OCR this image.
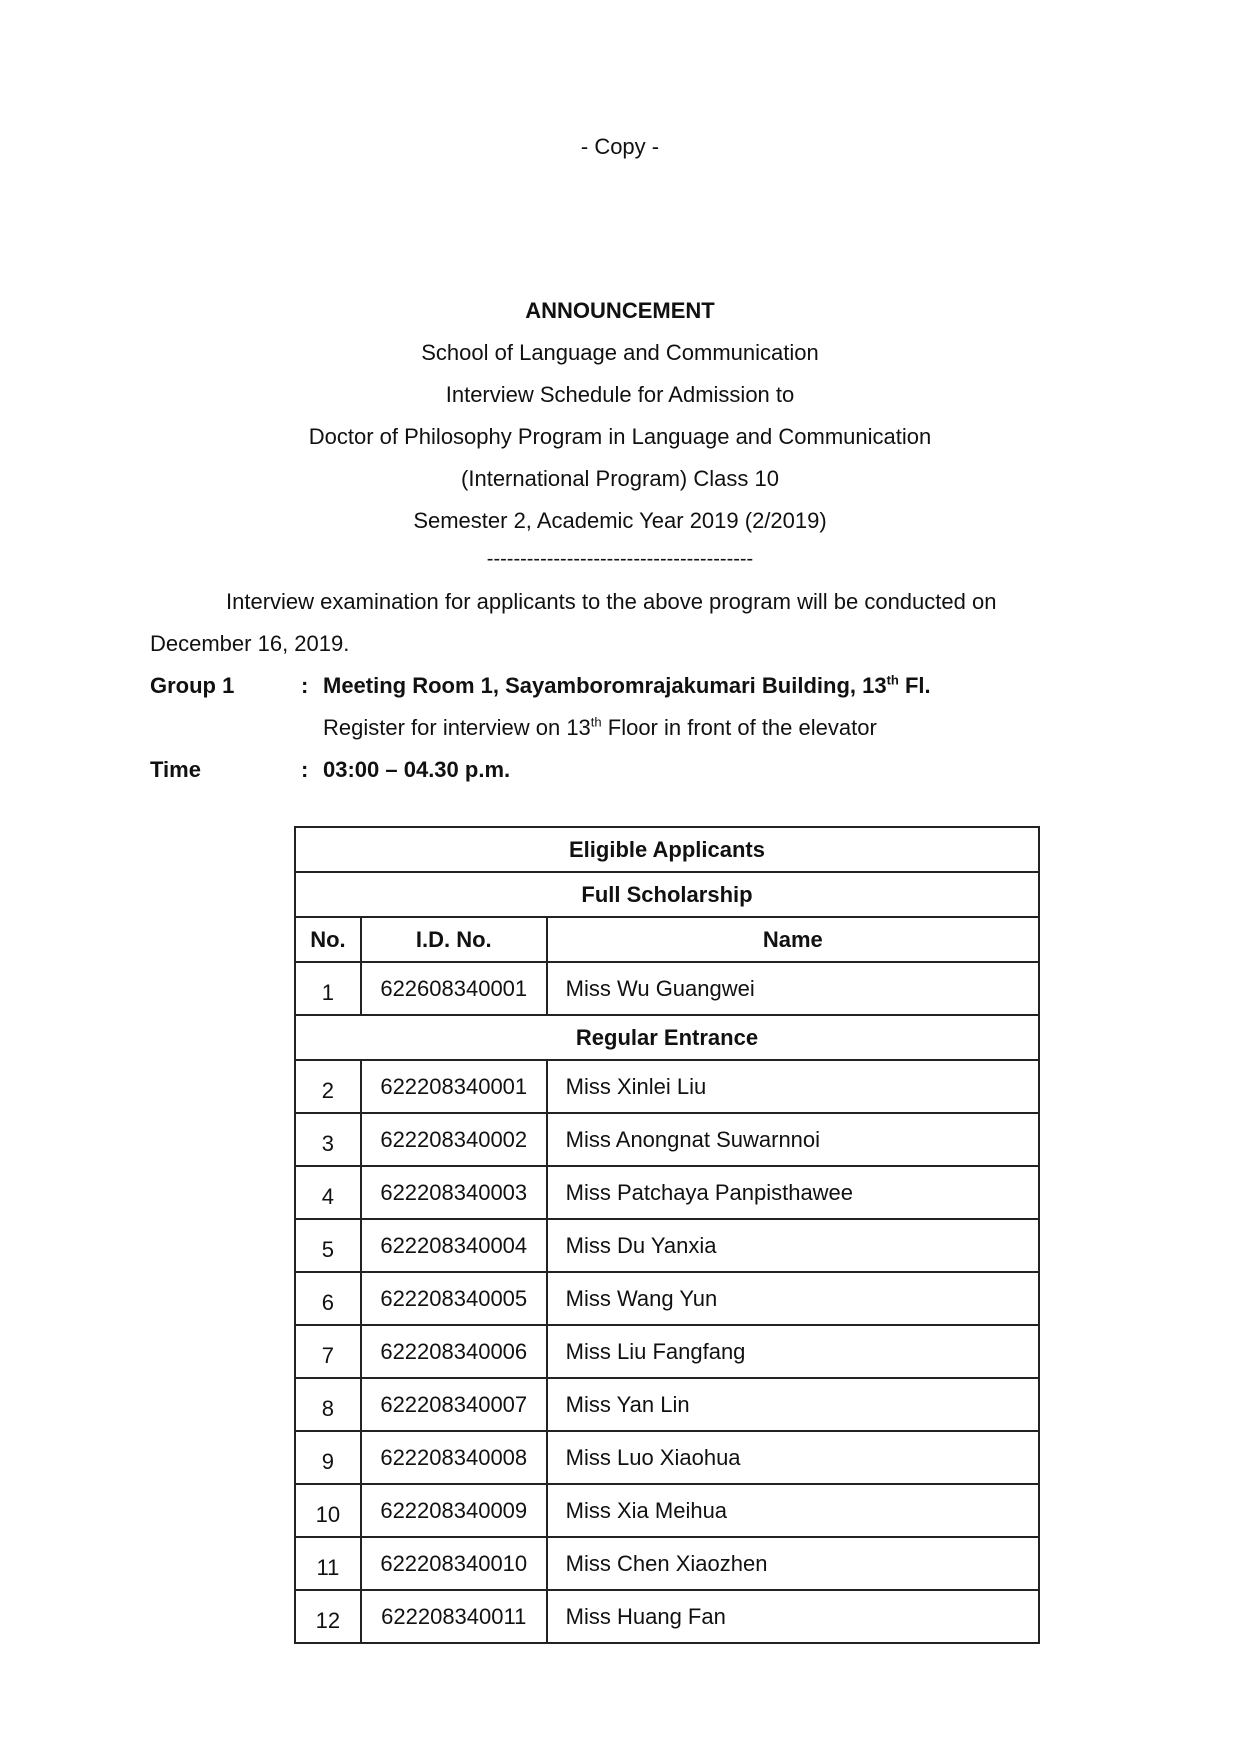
- Copy -
ANNOUNCEMENT
School of Language and Communication
Interview Schedule for Admission to
Doctor of Philosophy Program in Language and Communication
(International Program) Class 10
Semester 2, Academic Year 2019 (2/2019)
----------------------------------------
Interview examination for applicants to the above program will be conducted on
December 16, 2019.
Group 1	: Meeting Room 1, Sayamboromrajakumari Building, 13th Fl.
Register for interview on 13th Floor in front of the elevator
Time	: 03:00 – 04.30 p.m.
Eligible Applicants		
Full Scholarship		
No.	I.D. No.	Name
1	622608340001	Miss Wu Guangwei
Regular Entrance		
2	622208340001	Miss Xinlei Liu
3	622208340002	Miss Anongnat Suwarnnoi
4	622208340003	Miss Patchaya Panpisthawee
5	622208340004	Miss Du Yanxia
6	622208340005	Miss Wang Yun
7	622208340006	Miss Liu Fangfang
8	622208340007	Miss Yan Lin
9	622208340008	Miss Luo Xiaohua
10	622208340009	Miss Xia Meihua
11	622208340010	Miss Chen Xiaozhen
12	622208340011	Miss Huang Fan
